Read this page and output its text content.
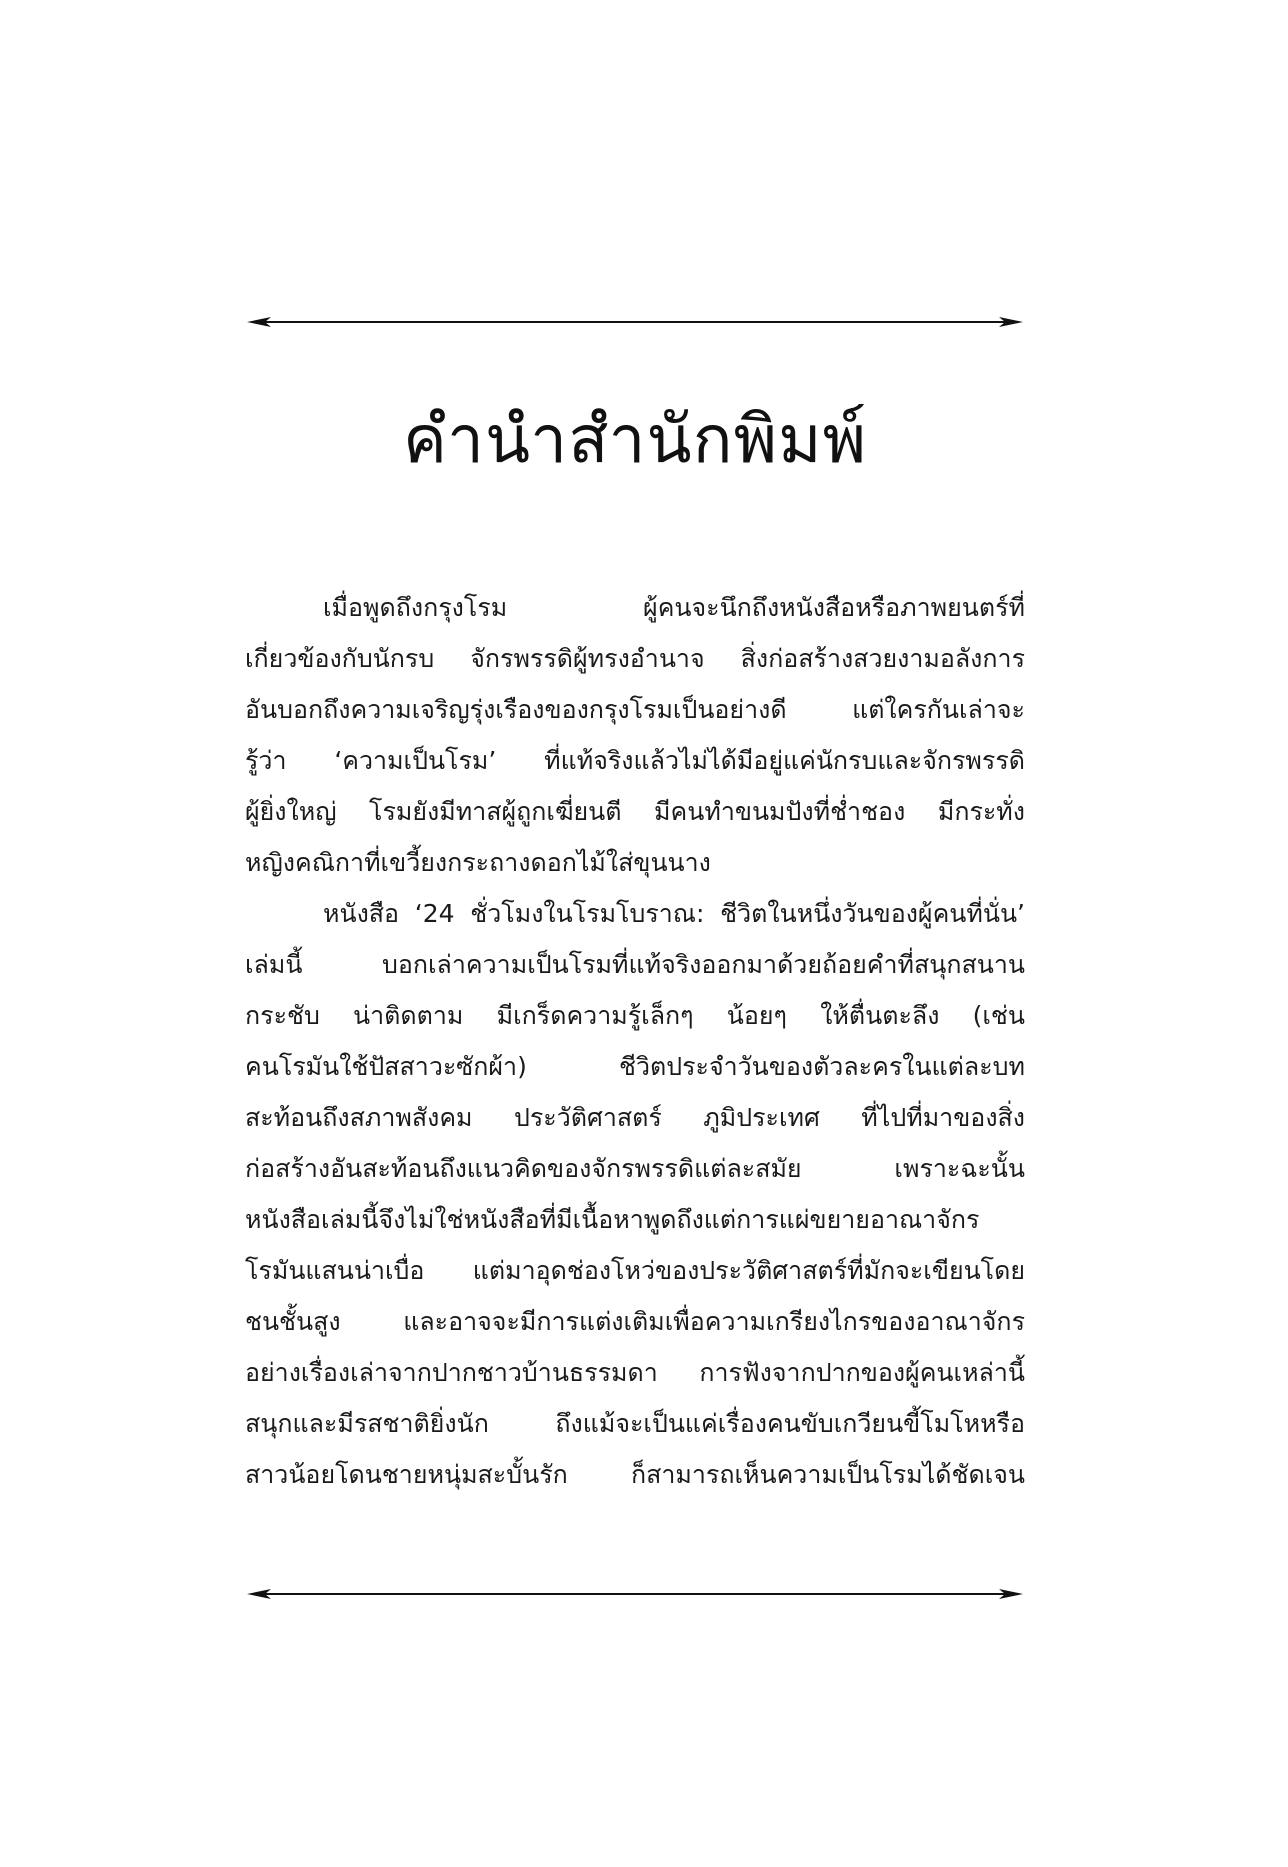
คำนำสำนักพิมพ์
เมื่อพูดถึงกรุงโรม ผู้คนจะนึกถึงหนังสือหรือภาพยนตร์ที่
เกี่ยวข้องกับนักรบ จักรพรรดิผู้ทรงอำนาจ สิ่งก่อสร้างสวยงามอลังการ
อันบอกถึงความเจริญรุ่งเรืองของกรุงโรมเป็นอย่างดี แต่ใครกันเล่าจะ
รู้ว่า ‘ความเป็นโรม’ ที่แท้จริงแล้วไม่ได้มีอยู่แค่นักรบและจักรพรรดิ
ผู้ยิ่งใหญ่ โรมยังมีทาสผู้ถูกเฆี่ยนตี มีคนทำขนมปังที่ช่ำชอง มีกระทั่ง
หญิงคณิกาที่เขวี้ยงกระถางดอกไม้ใส่ขุนนาง
หนังสือ ‘24 ชั่วโมงในโรมโบราณ: ชีวิตในหนึ่งวันของผู้คนที่นั่น’
เล่มนี้ บอกเล่าความเป็นโรมที่แท้จริงออกมาด้วยถ้อยคำที่สนุกสนาน
กระชับ น่าติดตาม มีเกร็ดความรู้เล็กๆ น้อยๆ ให้ตื่นตะลึง (เช่น
คนโรมันใช้ปัสสาวะซักผ้า) ชีวิตประจำวันของตัวละครในแต่ละบท
สะท้อนถึงสภาพสังคม ประวัติศาสตร์ ภูมิประเทศ ที่ไปที่มาของสิ่ง
ก่อสร้างอันสะท้อนถึงแนวคิดของจักรพรรดิแต่ละสมัย เพราะฉะนั้น
หนังสือเล่มนี้จึงไม่ใช่หนังสือที่มีเนื้อหาพูดถึงแต่การแผ่ขยายอาณาจักร
โรมันแสนน่าเบื่อ แต่มาอุดช่องโหว่ของประวัติศาสตร์ที่มักจะเขียนโดย
ชนชั้นสูง และอาจจะมีการแต่งเติมเพื่อความเกรียงไกรของอาณาจักร
อย่างเรื่องเล่าจากปากชาวบ้านธรรมดา การฟังจากปากของผู้คนเหล่านี้
สนุกและมีรสชาติยิ่งนัก ถึงแม้จะเป็นแค่เรื่องคนขับเกวียนขี้โมโหหรือ
สาวน้อยโดนชายหนุ่มสะบั้นรัก ก็สามารถเห็นความเป็นโรมได้ชัดเจน
